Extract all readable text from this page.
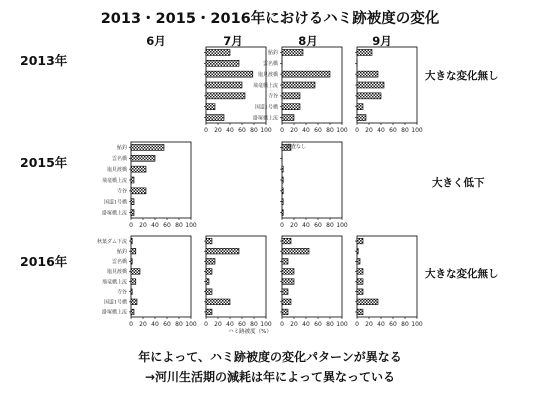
2013・2015・2016年におけるハミ跡被度の変化
6月	7月	8月	9月
2013年
2015年
2016年
大きな変化無し
大きく低下
大きな変化無し
0 20 40 60 80 100
鮎釣
雲名橋
塩見渡橋
飛竜橋上流
寺谷
国道1号橋
掛塚橋上流
0 20 40 60 80 100 0 20 40 60 80 100
鮎釣
雲名橋
塩見渡橋
飛竜橋上流
寺谷
国道1号橋
掛塚橋上流
0 20 40 60 80 100	0 20 40 60 80 100
調査なし
秋葉ダム下流
鮎釣
雲名橋
塩見渡橋
飛竜橋上流
寺谷
国道1号橋
掛塚橋上流
0 20 40 60 80 100 0 20 40 60 80 100 0 20 40 60 80 100 0 20 40 60 80 100
ハミ跡被度（%）
年によって、ハミ跡被度の変化パターンが異なる
→河川生活期の減耗は年によって異なっている
